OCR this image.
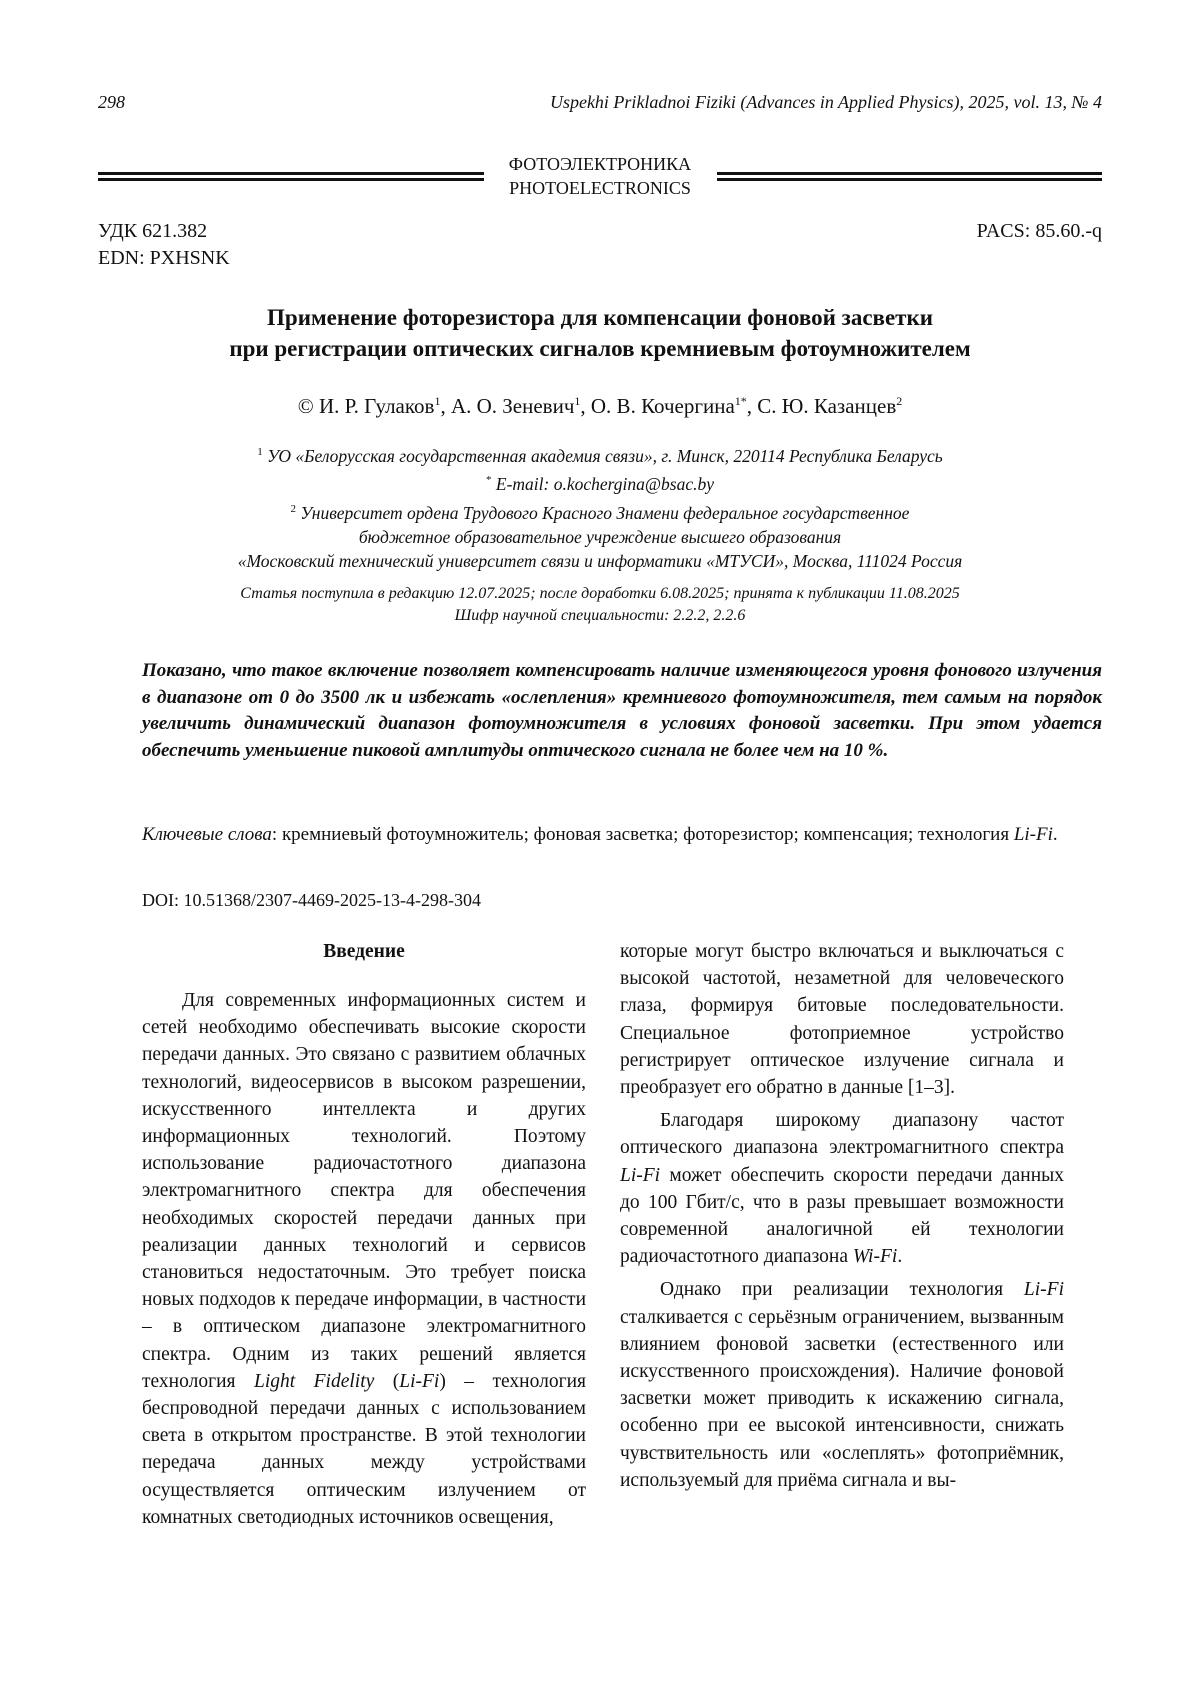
298	Uspekhi Prikladnoi Fiziki (Advances in Applied Physics), 2025, vol. 13, № 4
ФОТОЭЛЕКТРОНИКА
PHOTOELECTRONICS
УДК 621.382
EDN: PXHSNK
PACS: 85.60.-q
Применение фоторезистора для компенсации фоновой засветки
при регистрации оптических сигналов кремниевым фотоумножителем
© И. Р. Гулаков$^1$, А. О. Зеневич$^1$, О. В. Кочергина$^{1*}$, С. Ю. Казанцев$^2$
$^1$ УО «Белорусская государственная академия связи», г. Минск, 220114 Республика Беларусь
* E-mail: o.kochergina@bsac.by
$^2$ Университет ордена Трудового Красного Знамени федеральное государственное
бюджетное образовательное учреждение высшего образования
«Московский технический университет связи и информатики «МТУСИ», Москва, 111024 Россия
Статья поступила в редакцию 12.07.2025; после доработки 6.08.2025; принята к публикации 11.08.2025
Шифр научной специальности: 2.2.2, 2.2.6
Показано, что такое включение позволяет компенсировать наличие изменяющегося уровня фонового излучения в диапазоне от 0 до 3500 лк и избежать «ослепления» кремниевого фотоумножителя, тем самым на порядок увеличить динамический диапазон фотоумножителя в условиях фоновой засветки. При этом удается обеспечить уменьшение пиковой амплитуды оптического сигнала не более чем на 10 %.
Ключевые слова: кремниевый фотоумножитель; фоновая засветка; фоторезистор; компенсация; технология Li-Fi.
DOI: 10.51368/2307-4469-2025-13-4-298-304
Введение

Для современных информационных систем и сетей необходимо обеспечивать высокие скорости передачи данных. Это связано с развитием облачных технологий, видеосервисов в высоком разрешении, искусственного интеллекта и других информационных технологий. Поэтому использование радиочастотного диапазона электромагнитного спектра для обеспечения необходимых скоростей передачи данных при реализации данных технологий и сервисов становиться недостаточным. Это требует поиска новых подходов к передаче информации, в частности – в оптическом диапазоне электромагнитного спектра. Одним из таких решений является технология Light Fidelity (Li-Fi) – технология беспроводной передачи данных с использованием света в открытом пространстве. В этой технологии передача данных между устройствами осуществляется оптическим излучением от комнатных светодиодных источников освещения,

которые могут быстро включаться и выключаться с высокой частотой, незаметной для человеческого глаза, формируя битовые последовательности. Специальное фотоприемное устройство регистрирует оптическое излучение сигнала и преобразует его обратно в данные [1–3].

Благодаря широкому диапазону частот оптического диапазона электромагнитного спектра Li-Fi может обеспечить скорости передачи данных до 100 Гбит/с, что в разы превышает возможности современной аналогичной ей технологии радиочастотного диапазона Wi-Fi.

Однако при реализации технология Li-Fi сталкивается с серьёзным ограничением, вызванным влиянием фоновой засветки (естественного или искусственного происхождения). Наличие фоновой засветки может приводить к искажению сигнала, особенно при ее высокой интенсивности, снижать чувствительность или «ослеплять» фотоприёмник, используемый для приёма сигнала и вы-
